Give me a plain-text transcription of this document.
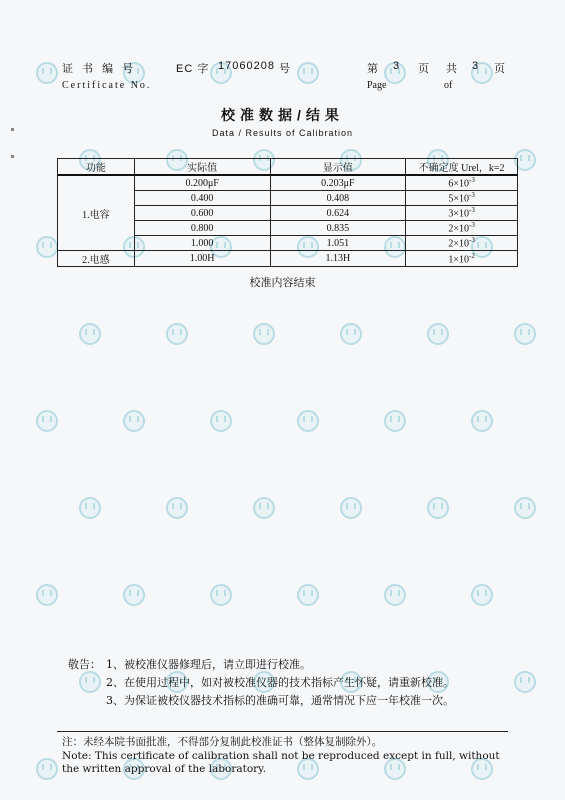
证 书 编 号	EC 字 17060208 号
Certificate No.
第 3 页 共 3 页
Page	of
校准数据/结果
Data / Results of Calibration
功能	实际值	显示值	不确定度 Urel，k=2
1.电容	0.200μF	0.203μF	$6\times 10^{-3}$
	0.400	0.408	$5\times 10^{-3}$
	0.600	0.624	$3\times 10^{-3}$
	0.800	0.835	$2\times 10^{-3}$
	1.000	1.051	$2\times 10^{-3}$
2.电感	1.00H	1.13H	$1\times 10^{-2}$
校准内容结束
敬告： 1、被校准仪器修理后，请立即进行校准。
2、在使用过程中，如对被校准仪器的技术指标产生怀疑，请重新校准。
3、为保证被校仪器技术指标的准确可靠，通常情况下应一年校准一次。
注：未经本院书面批准，不得部分复制此校准证书（整体复制除外）。
Note: This certificate of calibration shall not be reproduced except in full, without the written approval of the laboratory.
